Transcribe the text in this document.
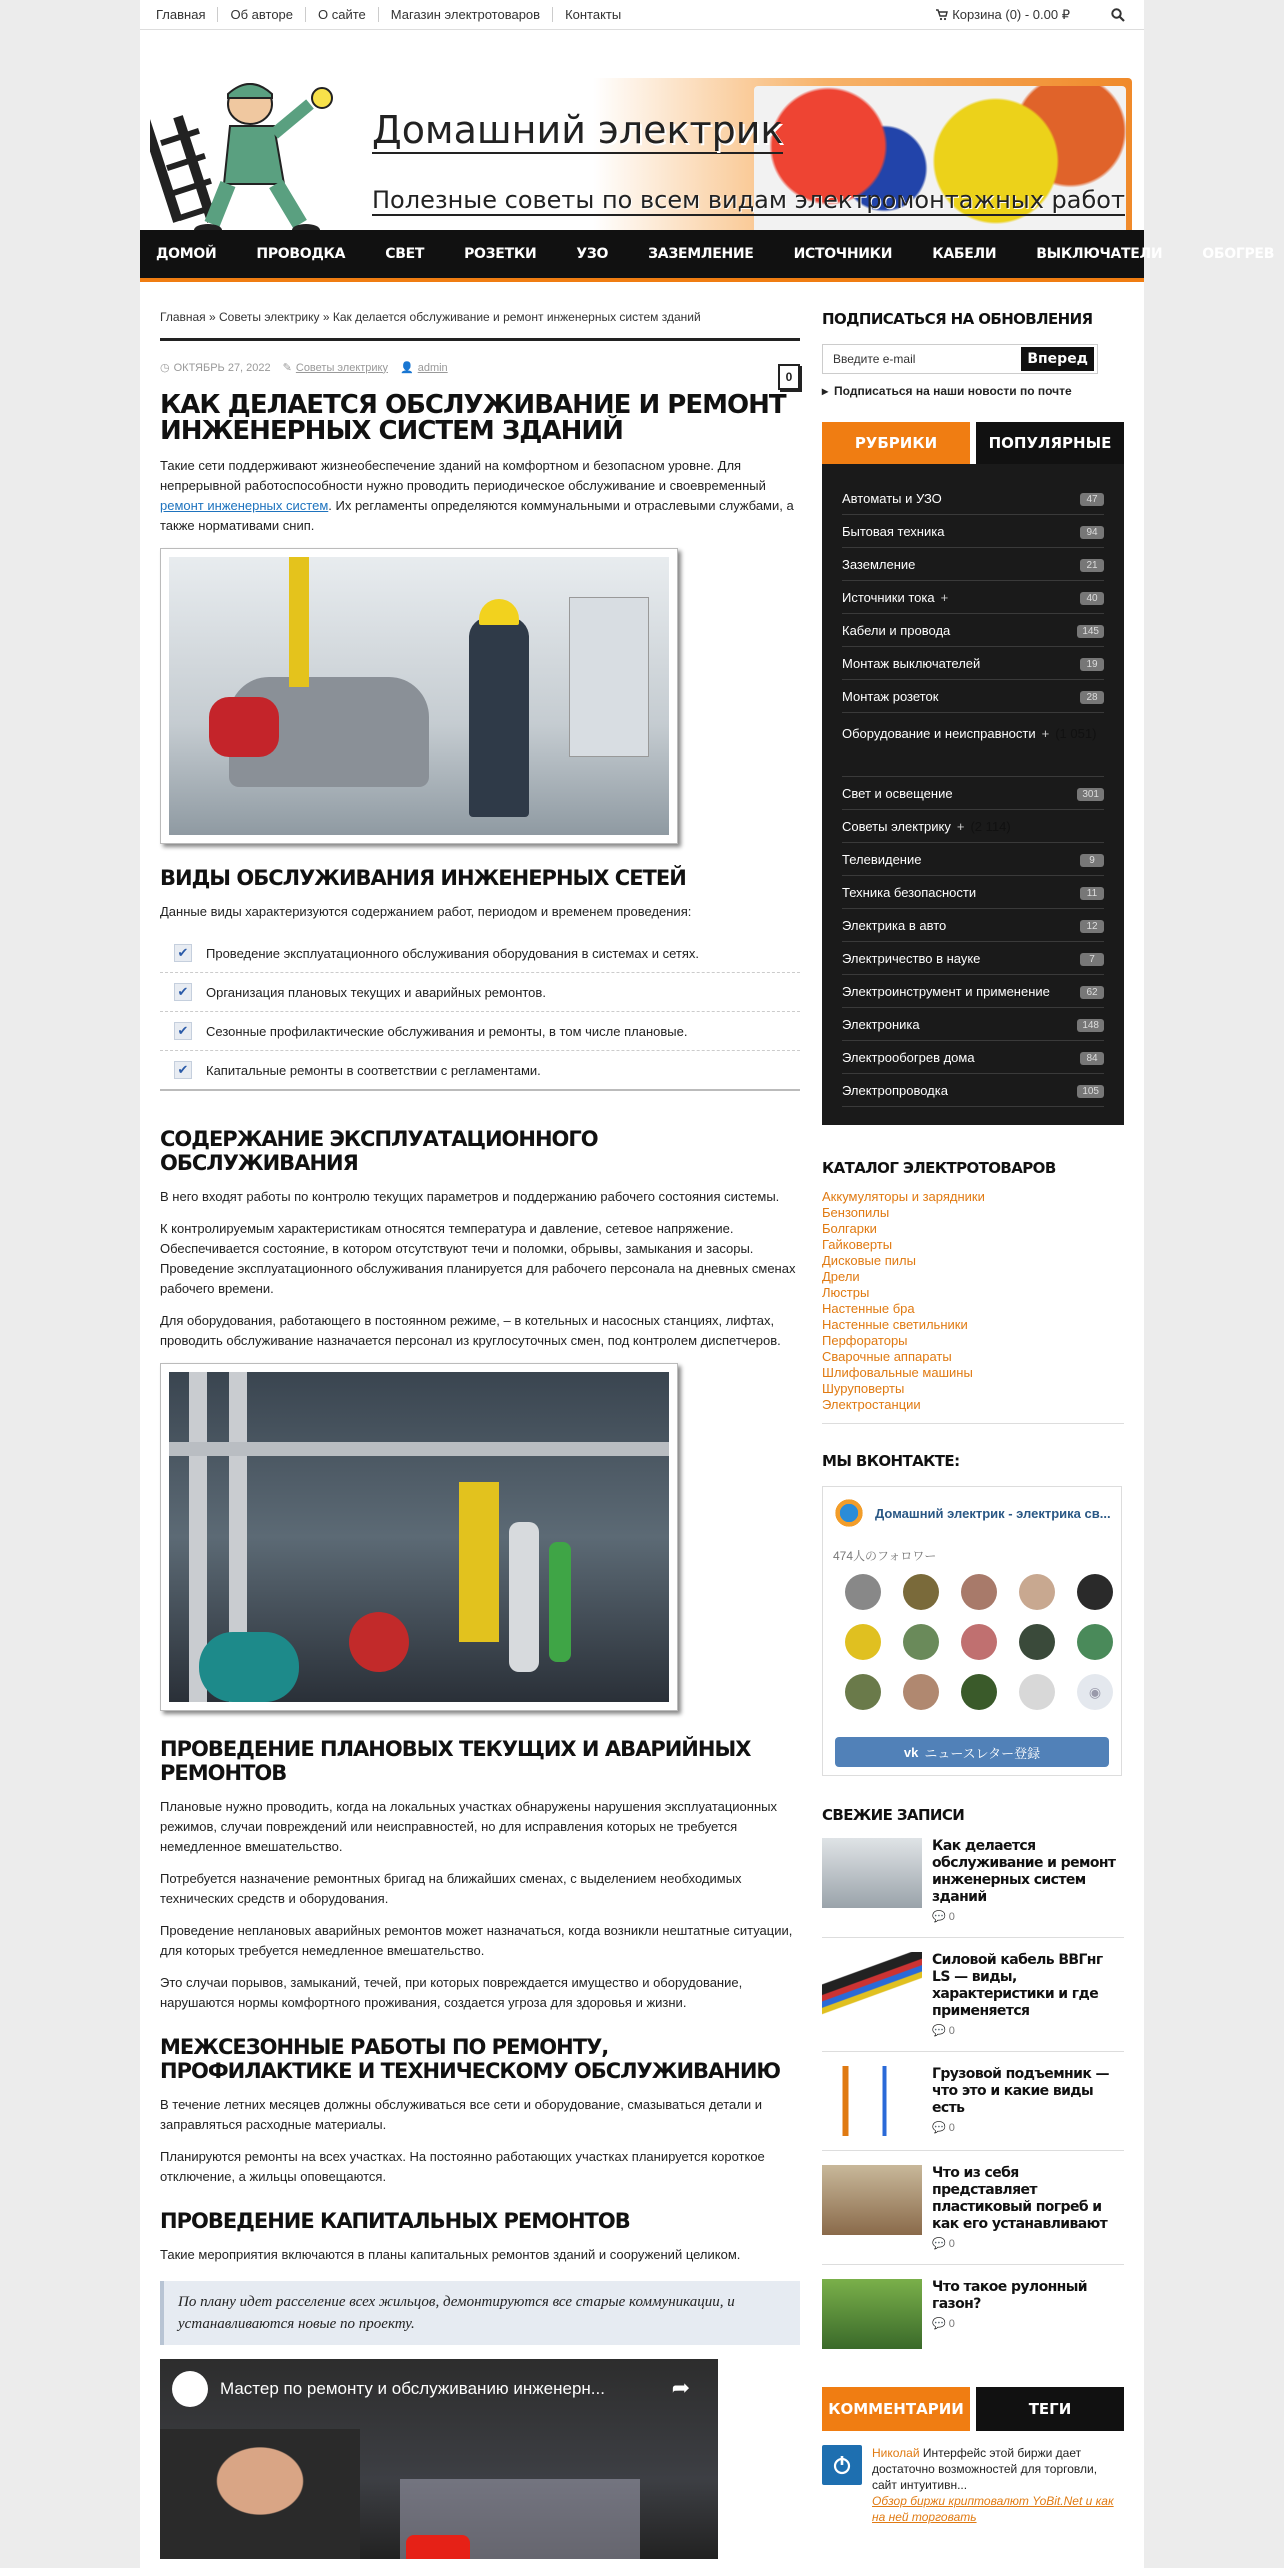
Главная	Об авторе	О сайте	Магазин электротоваров	Контакты	Корзина (0) - 0.00 ₽
Домашний электрик
Полезные советы по всем видам электромонтажных работ
ДОМОЙ	ПРОВОДКА	СВЕТ	РОЗЕТКИ	УЗО	ЗАЗЕМЛЕНИЕ	ИСТОЧНИКИ	КАБЕЛИ	ВЫКЛЮЧАТЕЛИ	ОБОГРЕВ
Главная » Советы электрику » Как делается обслуживание и ремонт инженерных систем зданий
◷ ОКТЯБРЬ 27, 2022 ✎ Советы электрику 👤 admin
0
КАК ДЕЛАЕТСЯ ОБСЛУЖИВАНИЕ И РЕМОНТ ИНЖЕНЕРНЫХ СИСТЕМ ЗДАНИЙ

Такие сети поддерживают жизнеобеспечение зданий на комфортном и безопасном уровне. Для непрерывной работоспособности нужно проводить периодическое обслуживание и своевременный ремонт инженерных систем. Их регламенты определяются коммунальными и отраслевыми службами, а также нормативами снип.

ВИДЫ ОБСЛУЖИВАНИЯ ИНЖЕНЕРНЫХ СЕТЕЙ

Данные виды характеризуются содержанием работ, периодом и временем проведения:

✔ Проведение эксплуатационного обслуживания оборудования в системах и сетях.
✔ Организация плановых текущих и аварийных ремонтов.
✔ Сезонные профилактические обслуживания и ремонты, в том числе плановые.
✔ Капитальные ремонты в соответствии с регламентами.
СОДЕРЖАНИЕ ЭКСПЛУАТАЦИОННОГО ОБСЛУЖИВАНИЯ

В него входят работы по контролю текущих параметров и поддержанию рабочего состояния системы.

К контролируемым характеристикам относятся температура и давление, сетевое напряжение. Обеспечивается состояние, в котором отсутствуют течи и поломки, обрывы, замыкания и засоры. Проведение эксплуатационного обслуживания планируется для рабочего персонала на дневных сменах рабочего времени.

Для оборудования, работающего в постоянном режиме, – в котельных и насосных станциях, лифтах, проводить обслуживание назначается персонал из круглосуточных смен, под контролем диспетчеров.

ПРОВЕДЕНИЕ ПЛАНОВЫХ ТЕКУЩИХ И АВАРИЙНЫХ РЕМОНТОВ

Плановые нужно проводить, когда на локальных участках обнаружены нарушения эксплуатационных режимов, случаи повреждений или неисправностей, но для исправления которых не требуется немедленное вмешательство.

Потребуется назначение ремонтных бригад на ближайших сменах, с выделением необходимых технических средств и оборудования.

Проведение неплановых аварийных ремонтов может назначаться, когда возникли нештатные ситуации, для которых требуется немедленное вмешательство.

Это случаи порывов, замыканий, течей, при которых повреждается имущество и оборудование, нарушаются нормы комфортного проживания, создается угроза для здоровья и жизни.

МЕЖСЕЗОННЫЕ РАБОТЫ ПО РЕМОНТУ, ПРОФИЛАКТИКЕ И ТЕХНИЧЕСКОМУ ОБСЛУЖИВАНИЮ

В течение летних месяцев должны обслуживаться все сети и оборудование, смазываться детали и заправляться расходные материалы.

Планируются ремонты на всех участках. На постоянно работающих участках планируется короткое отключение, а жильцы оповещаются.

ПРОВЕДЕНИЕ КАПИТАЛЬНЫХ РЕМОНТОВ

Такие мероприятия включаются в планы капитальных ремонтов зданий и сооружений целиком.

По плану идет расселение всех жильцов, демонтируются все старые коммуникации, и устанавливаются новые по проекту.
Мастер по ремонту и обслуживанию инженерн...	➦
ПОДПИСАТЬСЯ НА ОБНОВЛЕНИЯ
Введите e-mail	Вперед
▸ Подписаться на наши новости по почте
РУБРИКИ	ПОПУЛЯРНЫЕ
Автоматы и УЗО	47
Бытовая техника	94
Заземление	21
Источники тока +	40
Кабели и провода	145
Монтаж выключателей	19
Монтаж розеток	28
Оборудование и неисправности + (1 051)
Свет и освещение	301
Советы электрику + (2 114)
Телевидение	9
Техника безопасности	11
Электрика в авто	12
Электричество в науке	7
Электроинструмент и применение	62
Электроника	148
Электрообогрев дома	84
Электропроводка	105
КАТАЛОГ ЭЛЕКТРОТОВАРОВ
Аккумуляторы и зарядники
Бензопилы
Болгарки
Гайковерты
Дисковые пилы
Дрели
Люстры
Настенные бра
Настенные светильники
Перфораторы
Сварочные аппараты
Шлифовальные машины
Шуруповерты
Электростанции
МЫ ВКОНТАКТЕ:
Домашний электрик - электрика св...
474人のフォロワー
◉
vk ニュースレター登録
СВЕЖИЕ ЗАПИСИ
Как делается обслуживание и ремонт инженерных систем зданий
💬 0
Силовой кабель ВВГнг LS — виды, характеристики и где применяется
💬 0
Грузовой подъемник — что это и какие виды есть
💬 0
Что из себя представляет пластиковый погреб и как его устанавливают
💬 0
Что такое рулонный газон?
💬 0
КОММЕНТАРИИ	ТЕГИ
Николай Интерфейс этой биржи дает достаточно возможностей для торговли, сайт интуитивн...
Обзор биржи криптовалют YoBit.Net и как на ней торговать
